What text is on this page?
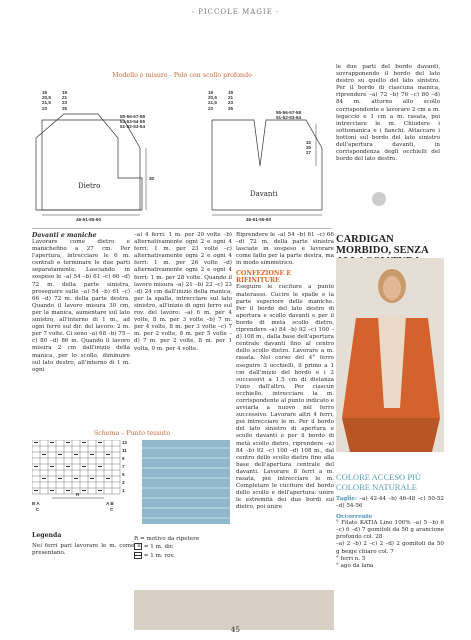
- PICCOLE MAGIE -
Modello e misure - Polo con scollo profondo
19
20,5
21,5
23
19
21
23
25
55-56-57-58
53-53-54-55
51-52-53-54
30
Dietro
46-51-55-60
19
20,5
21,5
23
19
21
23
25
55-56-57-58
51-52-53-54
32
30
27
Davanti
46-51-55-60
le due parti del bordo davanti, sovrapponendo il bordo del lato destro su quello del lato sinistro. Per il bordo di ciascuna manica, riprendere –a) 72 –b) 76 –c) 80 –d) 84 m. attorno allo scollo corrispondente e lavorare 2 cm a m. legaccio e 1 cm a m. rasata, poi intrecciare le m. Chiudere i sottomanica e i fianchi. Attaccare i bottoni sul bordo del lato sinistro dell'apertura davanti, in corrispondenza degli occhielli del bordo del lato destro.
Davanti e maniche
Lavorare come dietro e manichefino a 27 cm. Per l'apertura, intrecciare le 6 m. centrali e terminare le due parti separatamente. Lasciando in sospeso le –a) 54 –b) 61 –c) 66 –d) 72 m. della parte sinistra, proseguire sulle –a) 54 –b) 61 –c) 66 –d) 72 m. della parte destra. Quando il lavoro misura 30 cm, per la manica, aumentare sul lato sinistro, all'interno di 1 m., ad ogni ferro sul dir. del lavoro: 2 m. per 7 volte. Ci sono –a) 68 –b) 75 –c) 80 –d) 86 m. Quando il lavoro misura 2 cm dall'inizio della manica, per lo scollo, diminuire sul lato destro, all'interno di 1 m. ogni
–a) 4 ferri: 1 m. per 20 volte –b) alternativamente ogni 2 e ogni 4 ferri: 1 m. per 23 volte –c) alternativamente ogni 2 e ogni 4 ferri: 1 m. per 26 volte –d) alternativamente ogni 2 e ogni 4 ferri: 1 m. per 28 volte. Quando il lavoro misura –a) 21 –b) 22 –c) 23 –d) 24 cm dall'inizio della manica, per la spalla, intrecciare sul lato sinistro, all'inizio di ogni ferro sul rov. del lavoro: –a) 6 m. per 4 volte, 8 m. per 3 volte –b) 7 m. per 4 volte, 8 m. per 3 volte –c) 7 m. per 2 volte, 8 m. per 5 volte –d) 7 m. per 2 volte, 8 m. per 1 volta, 9 m. per 4 volte.
Riprendere le –a) 54 –b) 61 –c) 66 –d) 72 m. della parte sinistra lasciate in sospeso e lavorare come fatto per la parte destra, ma in modo simmetrico.
CONFEZIONE E RIFINITURE
Eseguire le cuciture a punto materasso. Cucire le spalle e la parte superiore delle maniche. Per il bordo del lato destro di apertura e scollo davanti e per il bordo di metà scollo dietro, riprendere –a) 84 –b) 92 –c) 100 –d) 108 m., dalla base dell'apertura centrale davanti fino al centro dello scollo dietro. Lavorare a m. rasata. Nel corso del 4° ferro eseguire 3 occhielli, il primo a 1 cm dall'inizio del bordo e i 2 successivi a 1,5 cm di distanza l'uno dall'altro. Per ciascun occhiello, intrecciare la m. corrispondente al punto indicato e avviarla a nuovo nel ferro successivo. Lavorare altri 4 ferri, poi intrecciare le m. Per il bordo del lato sinistro di apertura e scollo davanti e per il bordo di metà scollo dietro, riprendere –a) 84 –b) 92 –c) 100 –d) 108 m., dal centro dello scollo dietro fino alla base dell'apertura centrale del davanti. Lavorare 8 ferri a m. rasata, poi intrecciare le m. Completare le cuciture del bordo dello scollo e dell'apertura: unire le estremità dei due bordi sul dietro, poi unire
Schema – Punto tessuto
13
11
9
7
5
3
1
R
B A	A B
C	C
Legenda
Nei ferri pari lavorare le m. come si presentano.
R = motivo da ripetere
= 1 m. dir.
= 1 m. rov.
CARDIGAN MORBIDO, SENZA
COLORE ACCESO PIÙ COLORE NATURALE
Taglie: –a) 42-44 –b) 46-48 –c) 50-52 –d) 54-56
Occorrente
° Filato KATIA Lino 100% –a) 5 –b) 6 –c) 6 –d) 7 gomitoli da 50 g arancione profondo col. 28
–a) 2 –b) 2 –c) 2 –d) 2 gomitoli da 50 g beige chiaro col. 7
° ferri n. 5
° ago da lana
45
